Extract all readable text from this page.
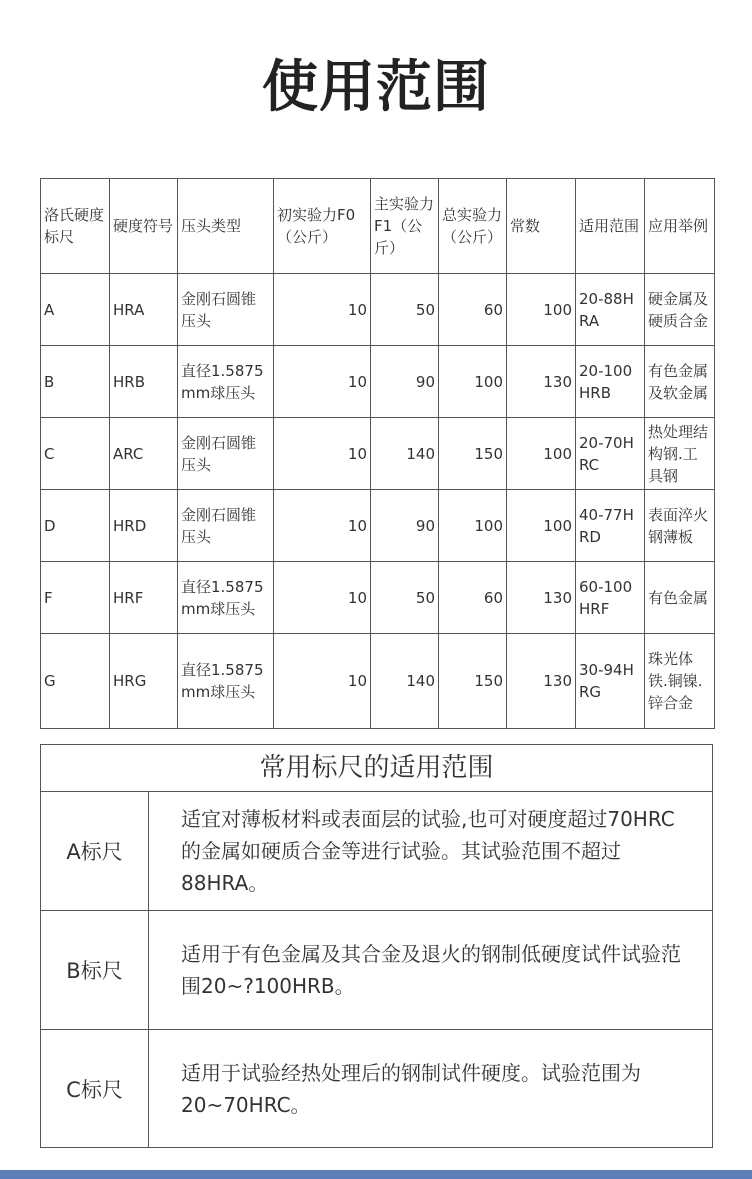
使用范围
洛氏硬度标尺	硬度符号	压头类型	初实验力F0（公斤）	主实验力F1（公斤）	总实验力（公斤）	常数	适用范围	应用举例
A	HRA	金刚石圆锥压头	10	50	60	100	20-88HRA	硬金属及硬质合金
B	HRB	直径1.5875mm球压头	10	90	100	130	20-100HRB	有色金属及软金属
C	ARC	金刚石圆锥压头	10	140	150	100	20-70HRC	热处理结构钢.工具钢
D	HRD	金刚石圆锥压头	10	90	100	100	40-77HRD	表面淬火钢薄板
F	HRF	直径1.5875mm球压头	10	50	60	130	60-100HRF	有色金属
G	HRG	直径1.5875mm球压头	10	140	150	130	30-94HRG	珠光体铁.铜镍.锌合金
常用标尺的适用范围
A标尺
适宜对薄板材料或表面层的试验,也可对硬度超过70HRC的金属如硬质合金等进行试验。其试验范围不超过88HRA。
B标尺
适用于有色金属及其合金及退火的钢制低硬度试件试验范围20~?100HRB。
C标尺
适用于试验经热处理后的钢制试件硬度。试验范围为20~70HRC。
